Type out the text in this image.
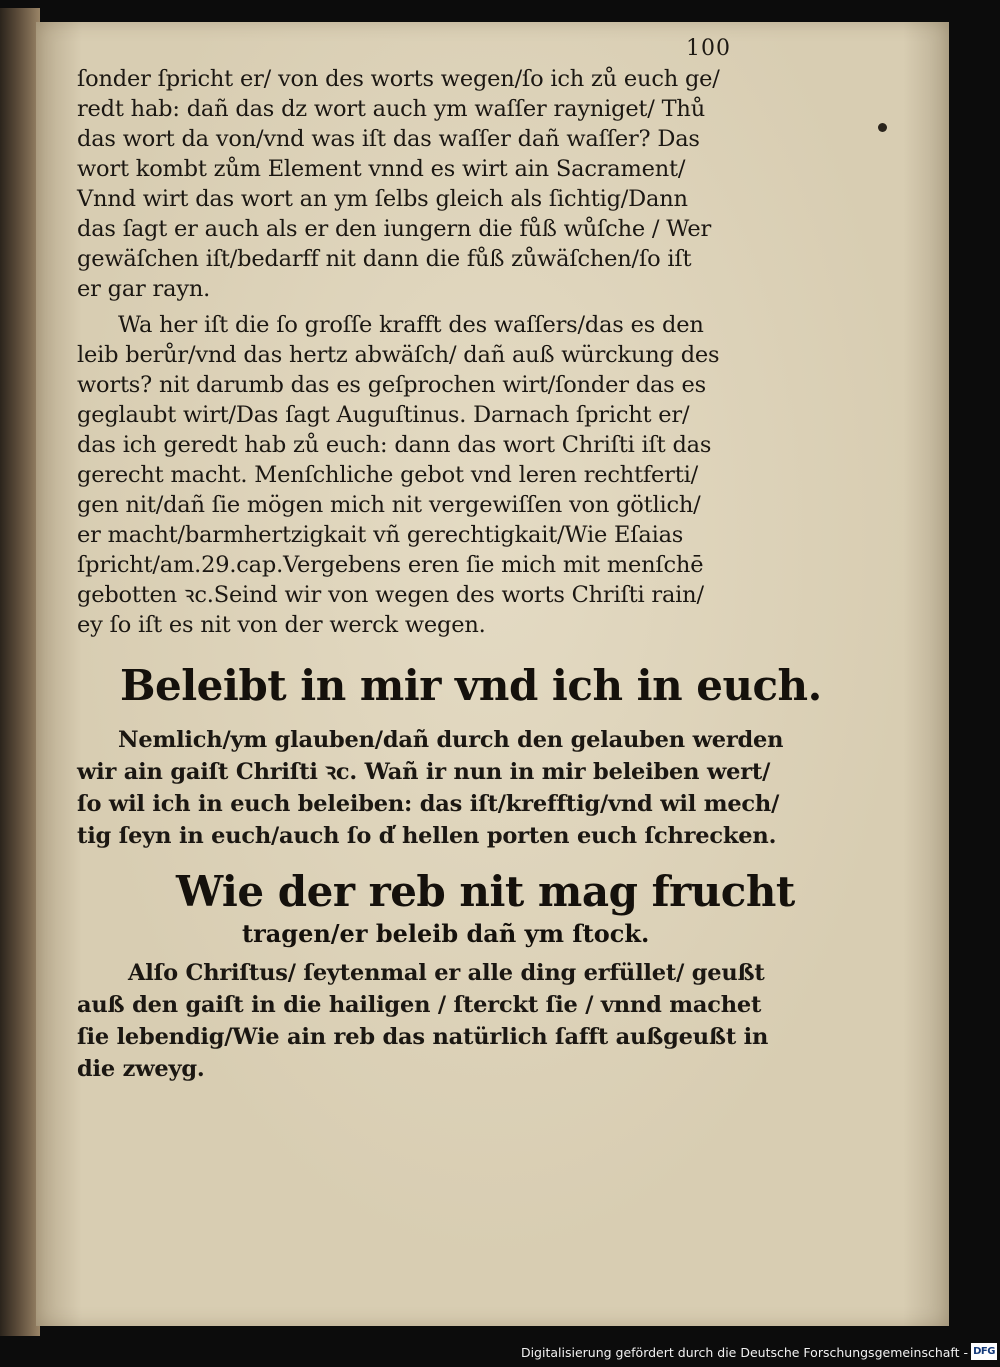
100

ſonder ſpricht er/ von des worts wegen/ſo ich zů euch ge/

redt hab: dañ das dz wort auch ym waſſer rayniget/ Thů

das wort da von/vnd was iſt das waſſer dañ waſſer? Das

wort kombt zům Element vnnd es wirt ain Sacrament/

Vnnd wirt das wort an ym ſelbs gleich als ſichtig/Dann

das ſagt er auch als er den iungern die fůß wůſche / Wer

gewäſchen iſt/bedarff nit dann die fůß zůwäſchen/ſo iſt

er gar rayn.

Wa her iſt die ſo groſſe krafft des waſſers/das es den

leib berůr/vnd das hertz abwäſch/ dañ auß würckung des

worts? nit darumb das es geſprochen wirt/ſonder das es

geglaubt wirt/Das ſagt Auguſtinus. Darnach ſpricht er/

das ich geredt hab zů euch: dann das wort Chriſti iſt das

gerecht macht. Menſchliche gebot vnd leren rechtferti/

gen nit/dañ ſie mögen mich nit vergewiſſen von götlich/

er macht/barmhertzigkait vñ gerechtigkait/Wie Eſaias

ſpricht/am.29.cap.Vergebens eren ſie mich mit menſchē

gebotten ꝛc.Seind wir von wegen des worts Chriſti rain/

ey ſo iſt es nit von der werck wegen.

Beleibt in mir vnd ich in euch.

Nemlich/ym glauben/dañ durch den gelauben werden

wir ain gaiſt Chriſti ꝛc. Wañ ir nun in mir beleiben wert/

ſo wil ich in euch beleiben: das iſt/krefftig/vnd wil mech/

tig ſeyn in euch/auch ſo d̕ hellen porten euch ſchrecken.

Wie der reb nit mag frucht
tragen/er beleib dañ ym ſtock.

Alſo Chriſtus/ ſeytenmal er alle ding erfüllet/ geußt

auß den gaiſt in die hailigen / ſterckt ſie / vnnd machet

ſie lebendig/Wie ain reb das natürlich ſafft außgeußt in

die zweyg.

Digitalisierung gefördert durch die Deutsche Forschungsgemeinschaft - DFG
